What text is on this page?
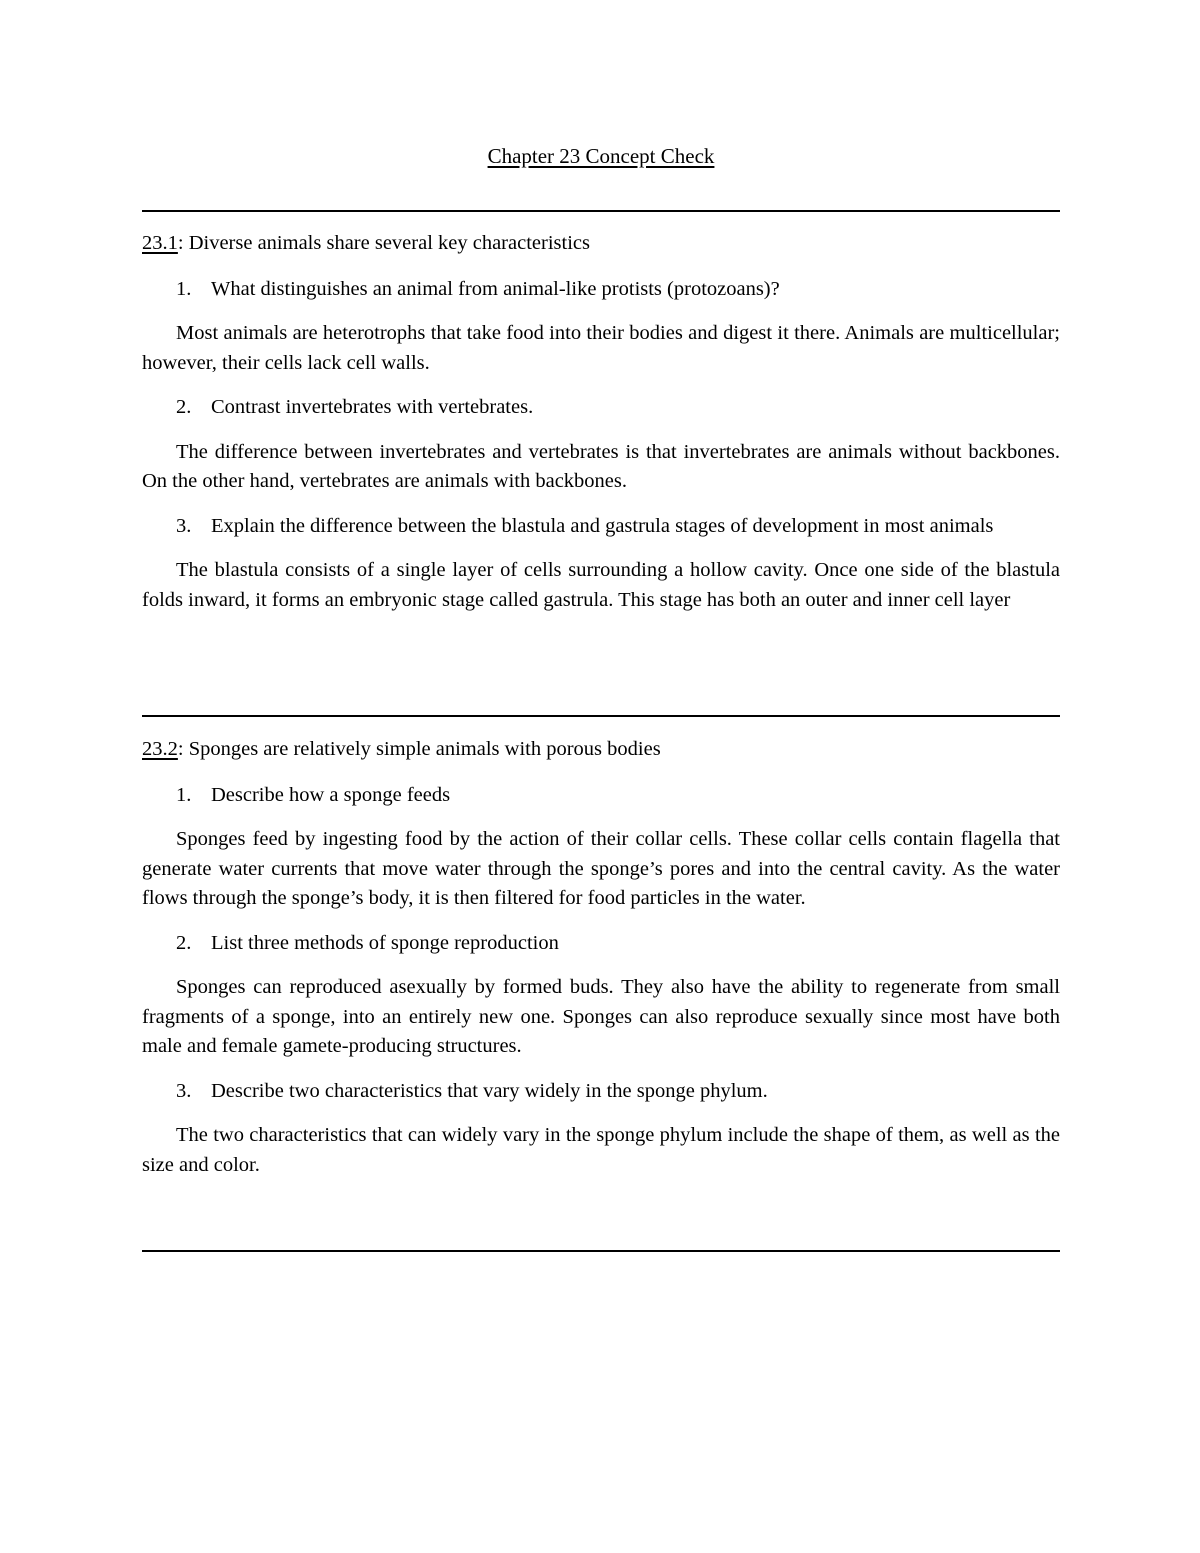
Chapter 23 Concept Check

23.1: Diverse animals share several key characteristics

1. What distinguishes an animal from animal-like protists (protozoans)?

Most animals are heterotrophs that take food into their bodies and digest it there. Animals are multicellular; however, their cells lack cell walls.

2. Contrast invertebrates with vertebrates.

The difference between invertebrates and vertebrates is that invertebrates are animals without backbones. On the other hand, vertebrates are animals with backbones.

3. Explain the difference between the blastula and gastrula stages of development in most animals

The blastula consists of a single layer of cells surrounding a hollow cavity. Once one side of the blastula folds inward, it forms an embryonic stage called gastrula. This stage has both an outer and inner cell layer

23.2: Sponges are relatively simple animals with porous bodies

1. Describe how a sponge feeds

Sponges feed by ingesting food by the action of their collar cells. These collar cells contain flagella that generate water currents that move water through the sponge’s pores and into the central cavity. As the water flows through the sponge’s body, it is then filtered for food particles in the water.

2. List three methods of sponge reproduction

Sponges can reproduced asexually by formed buds. They also have the ability to regenerate from small fragments of a sponge, into an entirely new one. Sponges can also reproduce sexually since most have both male and female gamete-producing structures.

3. Describe two characteristics that vary widely in the sponge phylum.

The two characteristics that can widely vary in the sponge phylum include the shape of them, as well as the size and color.
